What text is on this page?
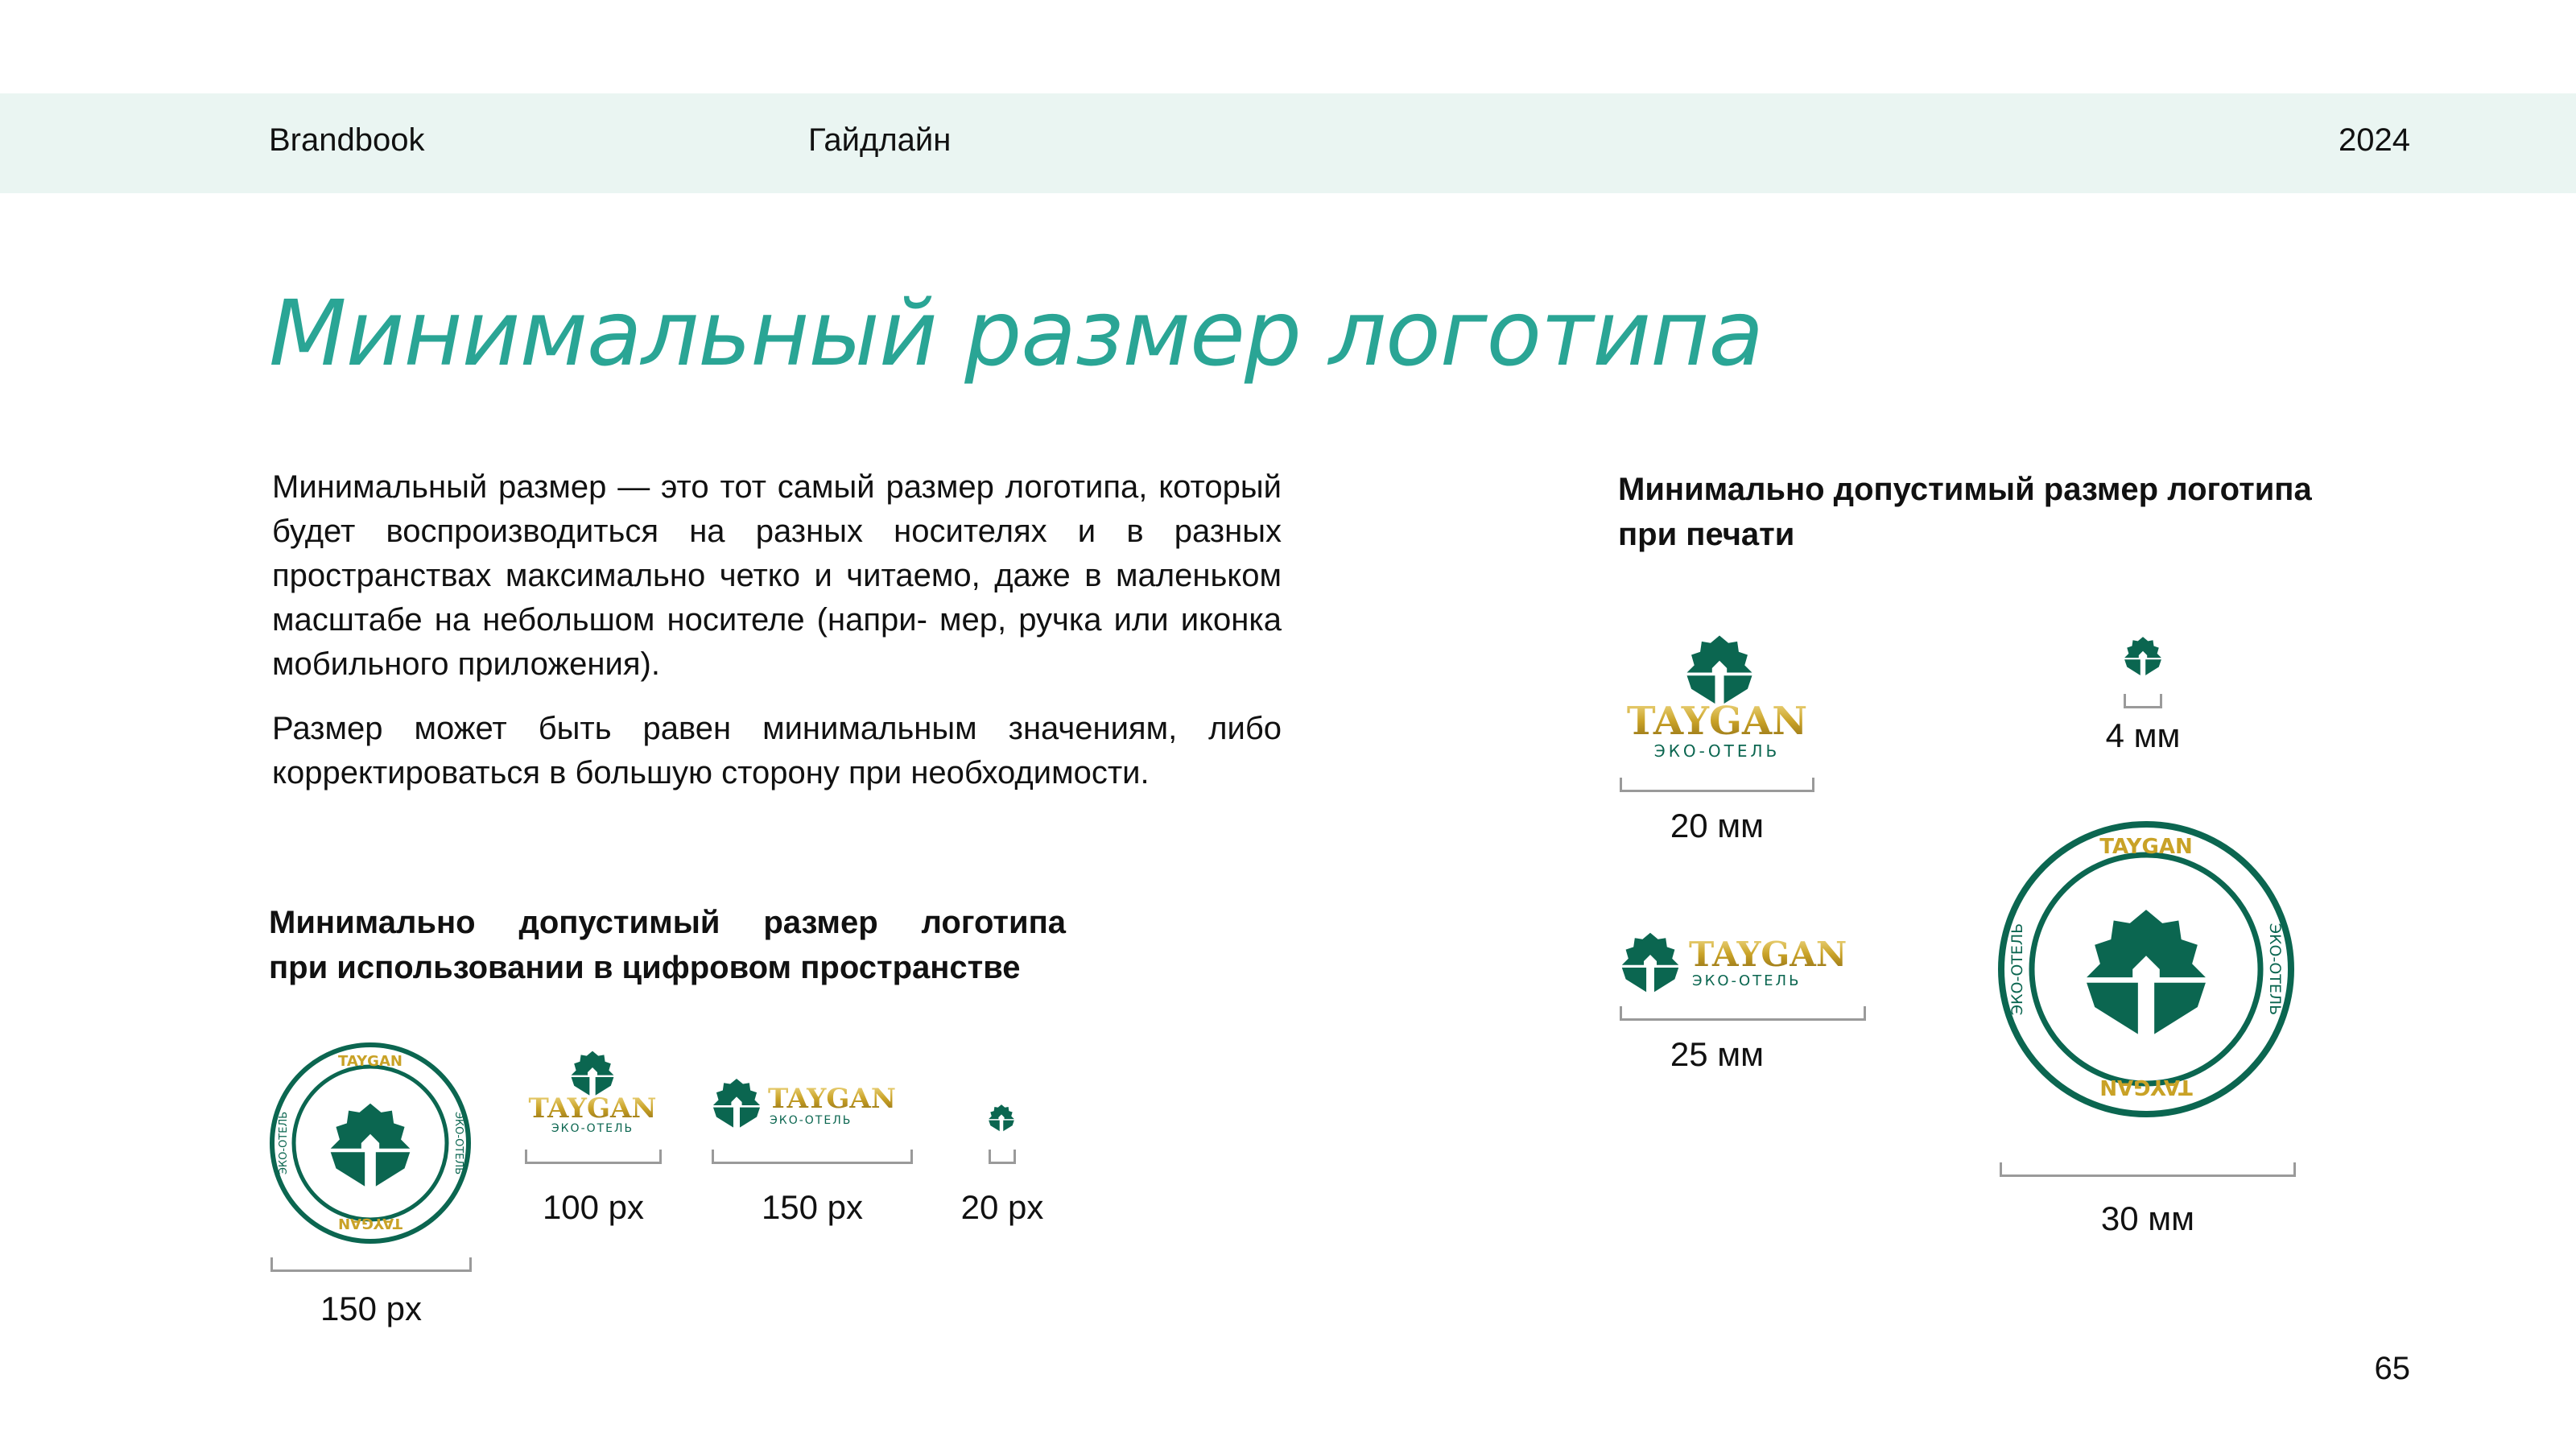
Brandbook	Гайдлайн	2024
Минимальный размер логотипа
Минимальный размер — это тот самый размер логотипа, который будет воспроизводиться на разных носителях и в разных пространствах максимально четко и читаемо, даже в маленьком масштабе на небольшом носителе (напри- мер, ручка или иконка мобильного приложения).
Размер может быть равен минимальным значениям, либо корректироваться в большую сторону при необходимости.
Минимально допустимый размер логотипа
при использовании в цифровом пространстве
Минимально допустимый размер логотипа
при печати
TAYGAN
TAYGAN
ЭКО-ОТЕЛЬ	ЭКО-ОТЕЛЬ
150 px
TAYGAN
ЭКО-ОТЕЛЬ
100 px
TAYGAN
ЭКО-ОТЕЛЬ
150 px	20 px
TAYGAN
ЭКО-ОТЕЛЬ
20 мм
4 мм
TAYGAN
ЭКО-ОТЕЛЬ
25 мм
TAYGAN
TAYGAN
ЭКО-ОТЕЛЬ	ЭКО-ОТЕЛЬ
30 мм
65
